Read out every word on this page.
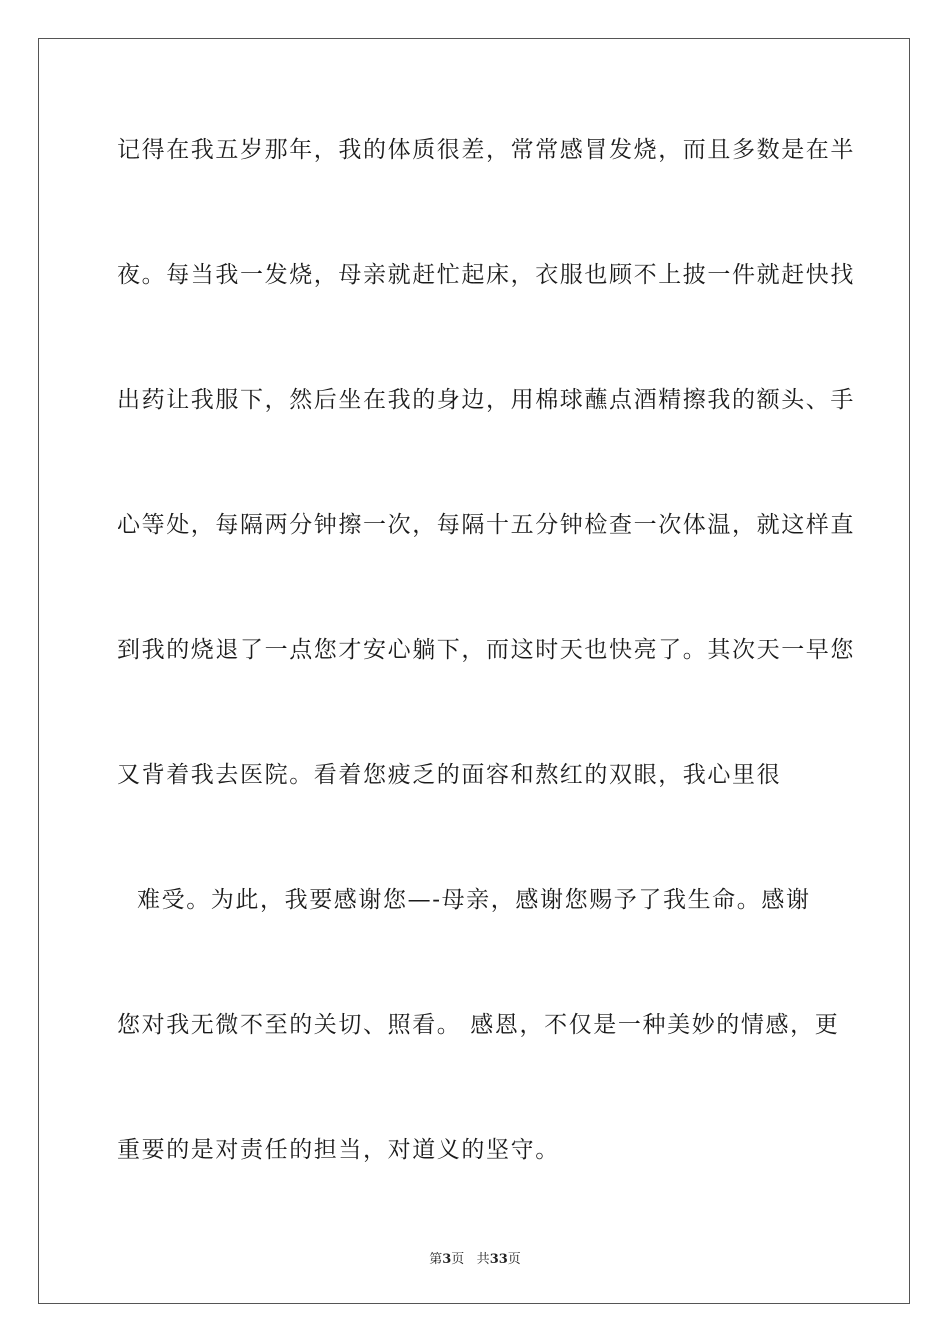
记得在我五岁那年，我的体质很差，常常感冒发烧，而且多数是在半
夜。每当我一发烧，母亲就赶忙起床，衣服也顾不上披一件就赶快找
出药让我服下，然后坐在我的身边，用棉球蘸点酒精擦我的额头、手
心等处，每隔两分钟擦一次，每隔十五分钟检查一次体温，就这样直
到我的烧退了一点您才安心躺下，而这时天也快亮了。其次天一早您
又背着我去医院。看着您疲乏的面容和熬红的双眼，我心里很
难受。为此，我要感谢您—-母亲，感谢您赐予了我生命。感谢
您对我无微不至的关切、照看。 感恩，不仅是一种美妙的情感，更
重要的是对责任的担当，对道义的坚守。
第3页 共33页
